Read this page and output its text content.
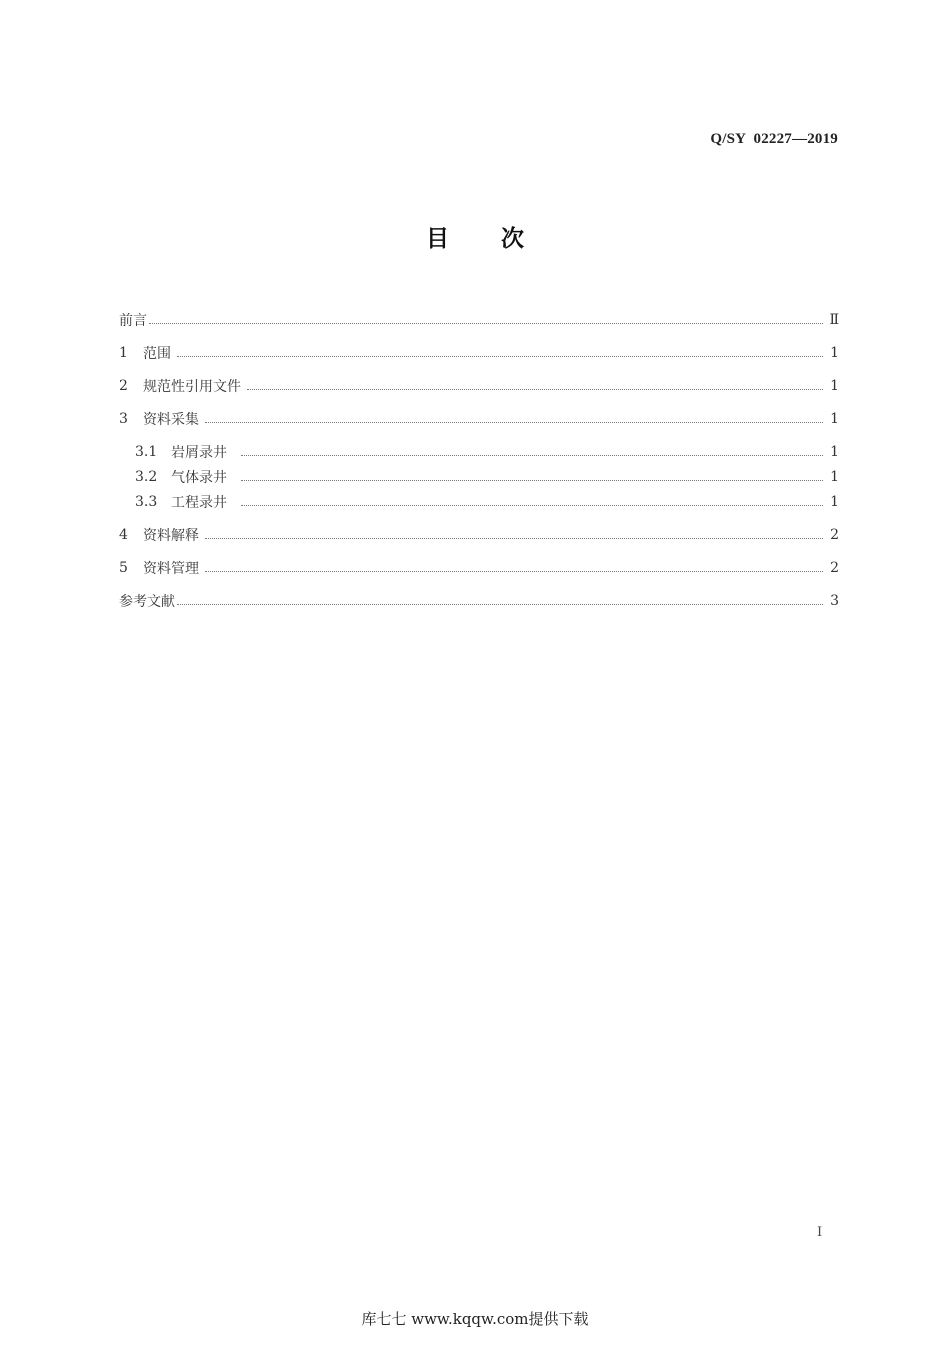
Q/SY  02227—2019
目 次
前言	Ⅱ
1	范围	1
2	规范性引用文件	1
3	资料采集	1
3.1 岩屑录井	1
3.2 气体录井	1
3.3 工程录井	1
4	资料解释	2
5	资料管理	2
参考文献	3
I
库七七 www.kqqw.com提供下载
